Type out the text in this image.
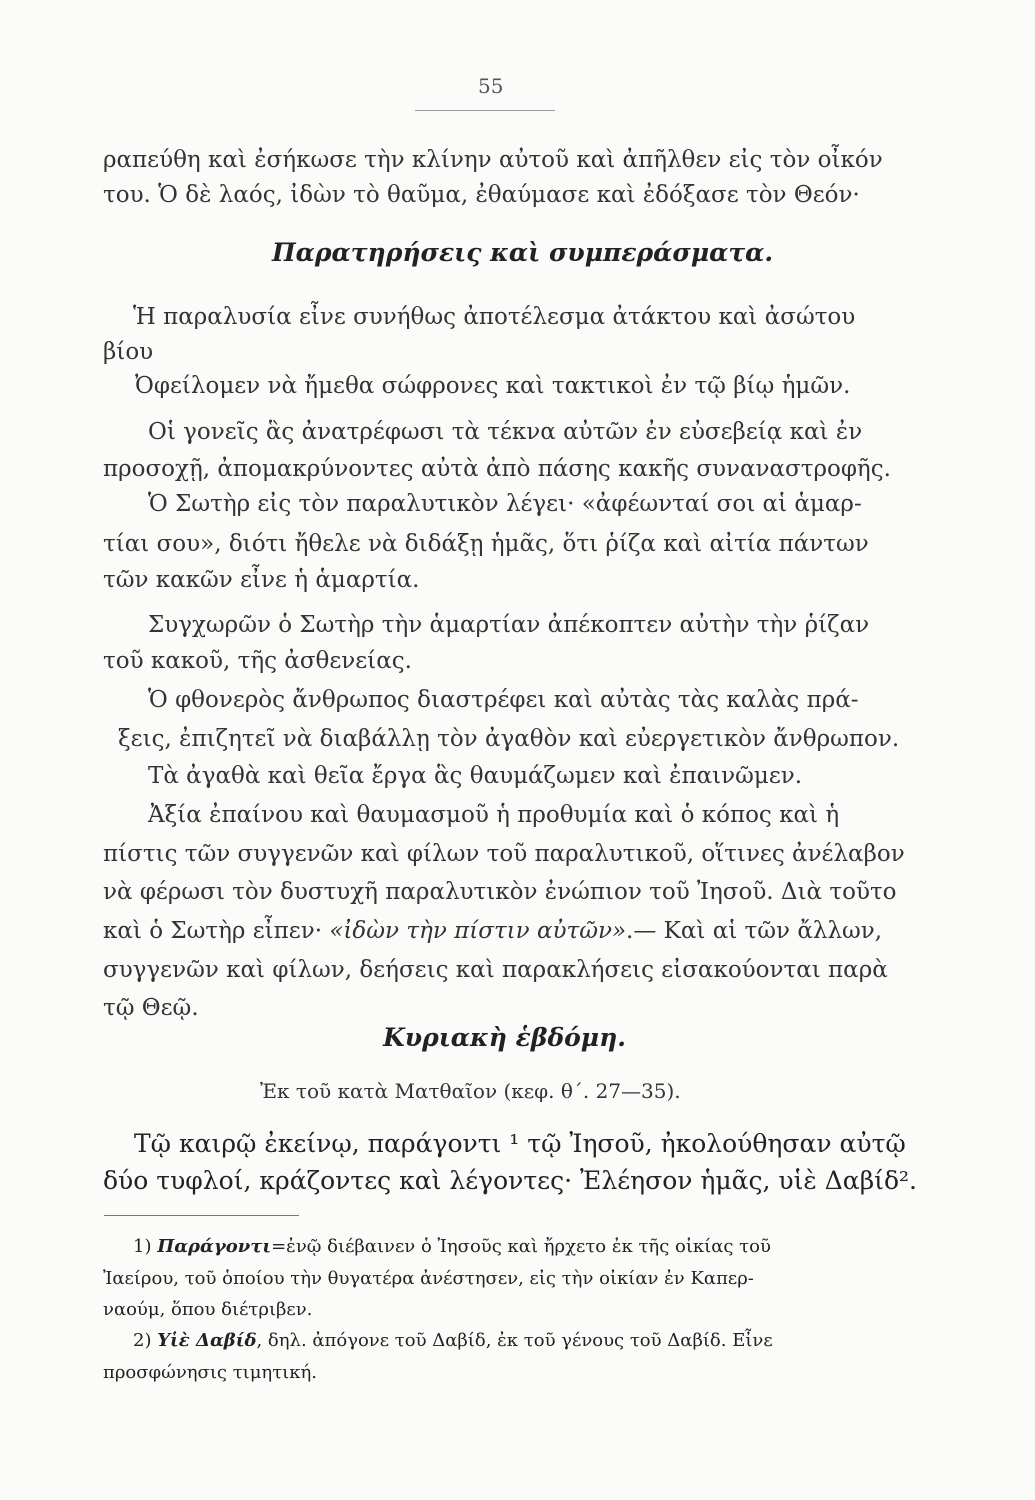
55
ραπεύθη καὶ ἐσήκωσε τὴν κλίνην αὐτοῦ καὶ ἀπῆλθεν εἰς τὸν οἶκόν
του. Ὁ δὲ λαός, ἰδὼν τὸ θαῦμα, ἐθαύμασε καὶ ἐδόξασε τὸν Θεόν·
Παρατηρήσεις καὶ συμπεράσματα.
Ἡ παραλυσία εἶνε συνήθως ἀποτέλεσμα ἀτάκτου καὶ ἀσώτου
βίου
Ὀφείλομεν νὰ ἤμεθα σώφρονες καὶ τακτικοὶ ἐν τῷ βίῳ ἡμῶν.
Οἱ γονεῖς ἃς ἀνατρέφωσι τὰ τέκνα αὐτῶν ἐν εὐσεβείᾳ καὶ ἐν
προσοχῇ, ἀπομακρύνοντες αὐτὰ ἀπὸ πάσης κακῆς συναναστροφῆς.
Ὁ Σωτὴρ εἰς τὸν παραλυτικὸν λέγει· «ἀφέωνταί σοι αἱ ἁμαρ-
τίαι σου», διότι ἤθελε νὰ διδάξῃ ἡμᾶς, ὅτι ῥίζα καὶ αἰτία πάντων
τῶν κακῶν εἶνε ἡ ἁμαρτία.
Συγχωρῶν ὁ Σωτὴρ τὴν ἁμαρτίαν ἀπέκοπτεν αὐτὴν τὴν ῥίζαν
τοῦ κακοῦ, τῆς ἀσθενείας.
Ὁ φθονερὸς ἄνθρωπος διαστρέφει καὶ αὐτὰς τὰς καλὰς πρά-
ξεις, ἐπιζητεῖ νὰ διαβάλλῃ τὸν ἀγαθὸν καὶ εὐεργετικὸν ἄνθρωπον.
Τὰ ἀγαθὰ καὶ θεῖα ἔργα ἃς θαυμάζωμεν καὶ ἐπαινῶμεν.
Ἀξία ἐπαίνου καὶ θαυμασμοῦ ἡ προθυμία καὶ ὁ κόπος καὶ ἡ
πίστις τῶν συγγενῶν καὶ φίλων τοῦ παραλυτικοῦ, οἵτινες ἀνέλαβον
νὰ φέρωσι τὸν δυστυχῆ παραλυτικὸν ἐνώπιον τοῦ Ἰησοῦ. Διὰ τοῦτο
καὶ ὁ Σωτὴρ εἶπεν· «ἰδὼν τὴν πίστιν αὐτῶν».— Καὶ αἱ τῶν ἄλλων,
συγγενῶν καὶ φίλων, δεήσεις καὶ παρακλήσεις εἰσακούονται παρὰ
τῷ Θεῷ.
Κυριακὴ ἑβδόμη.
Ἐκ τοῦ κατὰ Ματθαῖον (κεφ. θ΄. 27—35).
Τῷ καιρῷ ἐκείνῳ, παράγοντι ¹ τῷ Ἰησοῦ, ἠκολούθησαν αὐτῷ
δύο τυφλοί, κράζοντες καὶ λέγοντες· Ἐλέησον ἡμᾶς, υἱὲ Δαβίδ².
1) Παράγοντι=ἐνῷ διέβαινεν ὁ Ἰησοῦς καὶ ἤρχετο ἐκ τῆς οἰκίας τοῦ
Ἰαείρου, τοῦ ὁποίου τὴν θυγατέρα ἀνέστησεν, εἰς τὴν οἰκίαν ἐν Καπερ-
ναούμ, ὅπου διέτριβεν.
2) Υἱὲ Δαβίδ, δηλ. ἀπόγονε τοῦ Δαβίδ, ἐκ τοῦ γένους τοῦ Δαβίδ. Εἶνε
προσφώνησις τιμητική.
